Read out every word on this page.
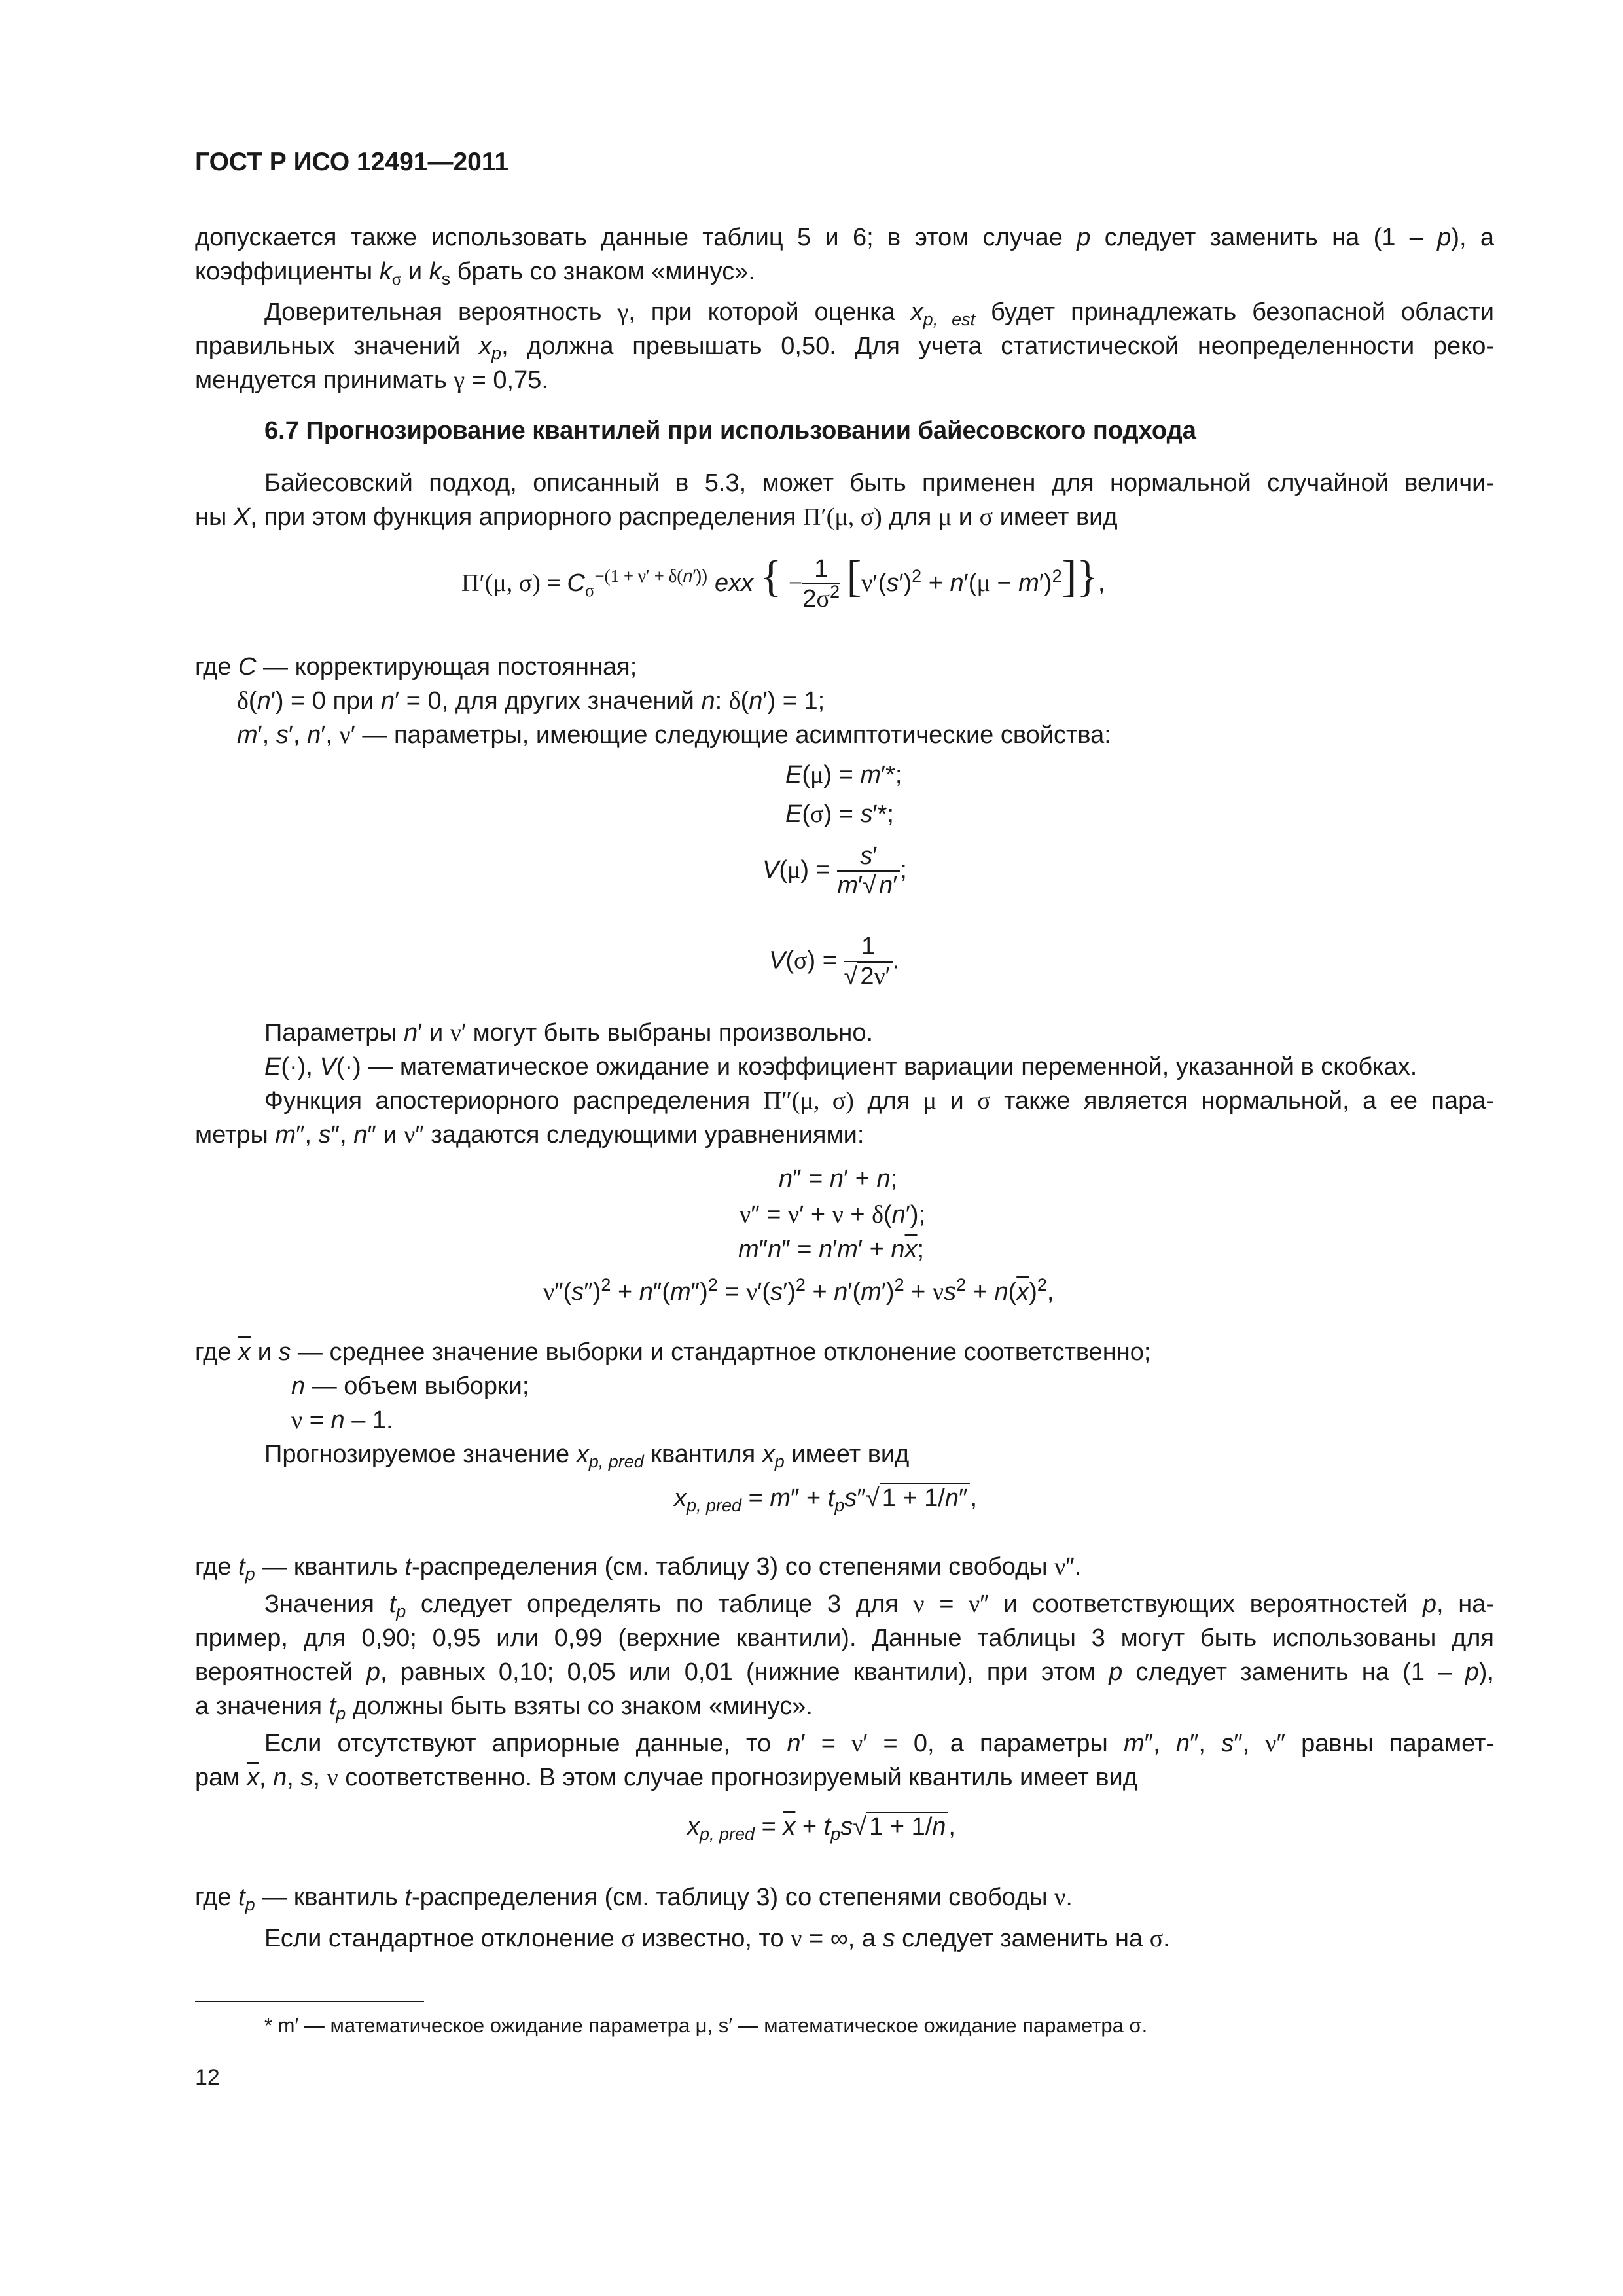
ГОСТ Р ИСО 12491—2011
допускается также использовать данные таблиц 5 и 6; в этом случае p следует заменить на (1 – p), а
коэффициенты $k_\sigma$ и $k_s$ брать со знаком «минус».
Доверительная вероятность γ, при которой оценка $x_{p, est}$ будет принадлежать безопасной области
правильных значений $x_p$, должна превышать 0,50. Для учета статистической неопределенности реко-
мендуется принимать γ = 0,75.
6.7 Прогнозирование квантилей при использовании байесовского подхода
Байесовский подход, описанный в 5.3, может быть применен для нормальной случайной величи-
ны X, при этом функция априорного распределения Π′(μ, σ) для μ и σ имеет вид
Π′(μ, $\sigma) = C_\sigma^{-(1 + \nu' + \delta(n'))}$ exx { − $\frac{1}{2\sigma^2} [\nu'(s')^2 + n'(\mu - m')^2]$},
где C — корректирующая постоянная;
δ(n′) = 0 при n′ = 0, для других значений n: δ(n′) = 1;
m′, s′, n′, ν′ — параметры, имеющие следующие асимптотические свойства:
E(μ) = m′*;
E(σ) = s′*;
$V(\mu) = \frac{s'}{m'√ n'}$ ;
$V(\sigma) = \frac{1}{√ 2\nu'}$ .
Параметры n′ и ν′ могут быть выбраны произвольно.
E(·), V(·) — математическое ожидание и коэффициент вариации переменной, указанной в скобках.
Функция апостериорного распределения Π″(μ, σ) для μ и σ также является нормальной, а ее пара-
метры m″, s″, n″ и ν″ задаются следующими уравнениями:
n″ = n′ + n;
ν″ = ν′ + ν + δ(n′);
$m''n'' = n'm' + n\overline{x}$;
$\nu''(s'')^2 + n''(m'')^2 = \nu'(s')^2 + n'(m')^2 + \nu s^2 + n(\overline{x})^2$,
где $\overline{x}$ и s — среднее значение выборки и стандартное отклонение соответственно;
n — объем выборки;
ν = n – 1.
Прогнозируемое значение $x_{p, pred}$ квантиля $x_p$ имеет вид
$x_{p, pred} = m'' + t_ps''√$ 1 + 1/n″ ,
где $t_p$ — квантиль t-распределения (см. таблицу 3) со степенями свободы ν″.
Значения $t_p$ следует определять по таблице 3 для ν = ν″ и соответствующих вероятностей p, на-
пример, для 0,90; 0,95 или 0,99 (верхние квантили). Данные таблицы 3 могут быть использованы для
вероятностей p, равных 0,10; 0,05 или 0,01 (нижние квантили), при этом p следует заменить на (1 – p),
а значения $t_p$ должны быть взяты со знаком «минус».
Если отсутствуют априорные данные, то n′ = ν′ = 0, а параметры m″, n″, s″, ν″ равны парамет-
рам $\overline{x}$, n, s, ν соответственно. В этом случае прогнозируемый квантиль имеет вид
$x_{p, pred} = \overline{x} + t_ps√$ 1 + 1/n ,
где $t_p$ — квантиль t-распределения (см. таблицу 3) со степенями свободы ν.
Если стандартное отклонение σ известно, то ν = ∞, а s следует заменить на σ.
* m′ — математическое ожидание параметра μ, s′ — математическое ожидание параметра σ.
12
